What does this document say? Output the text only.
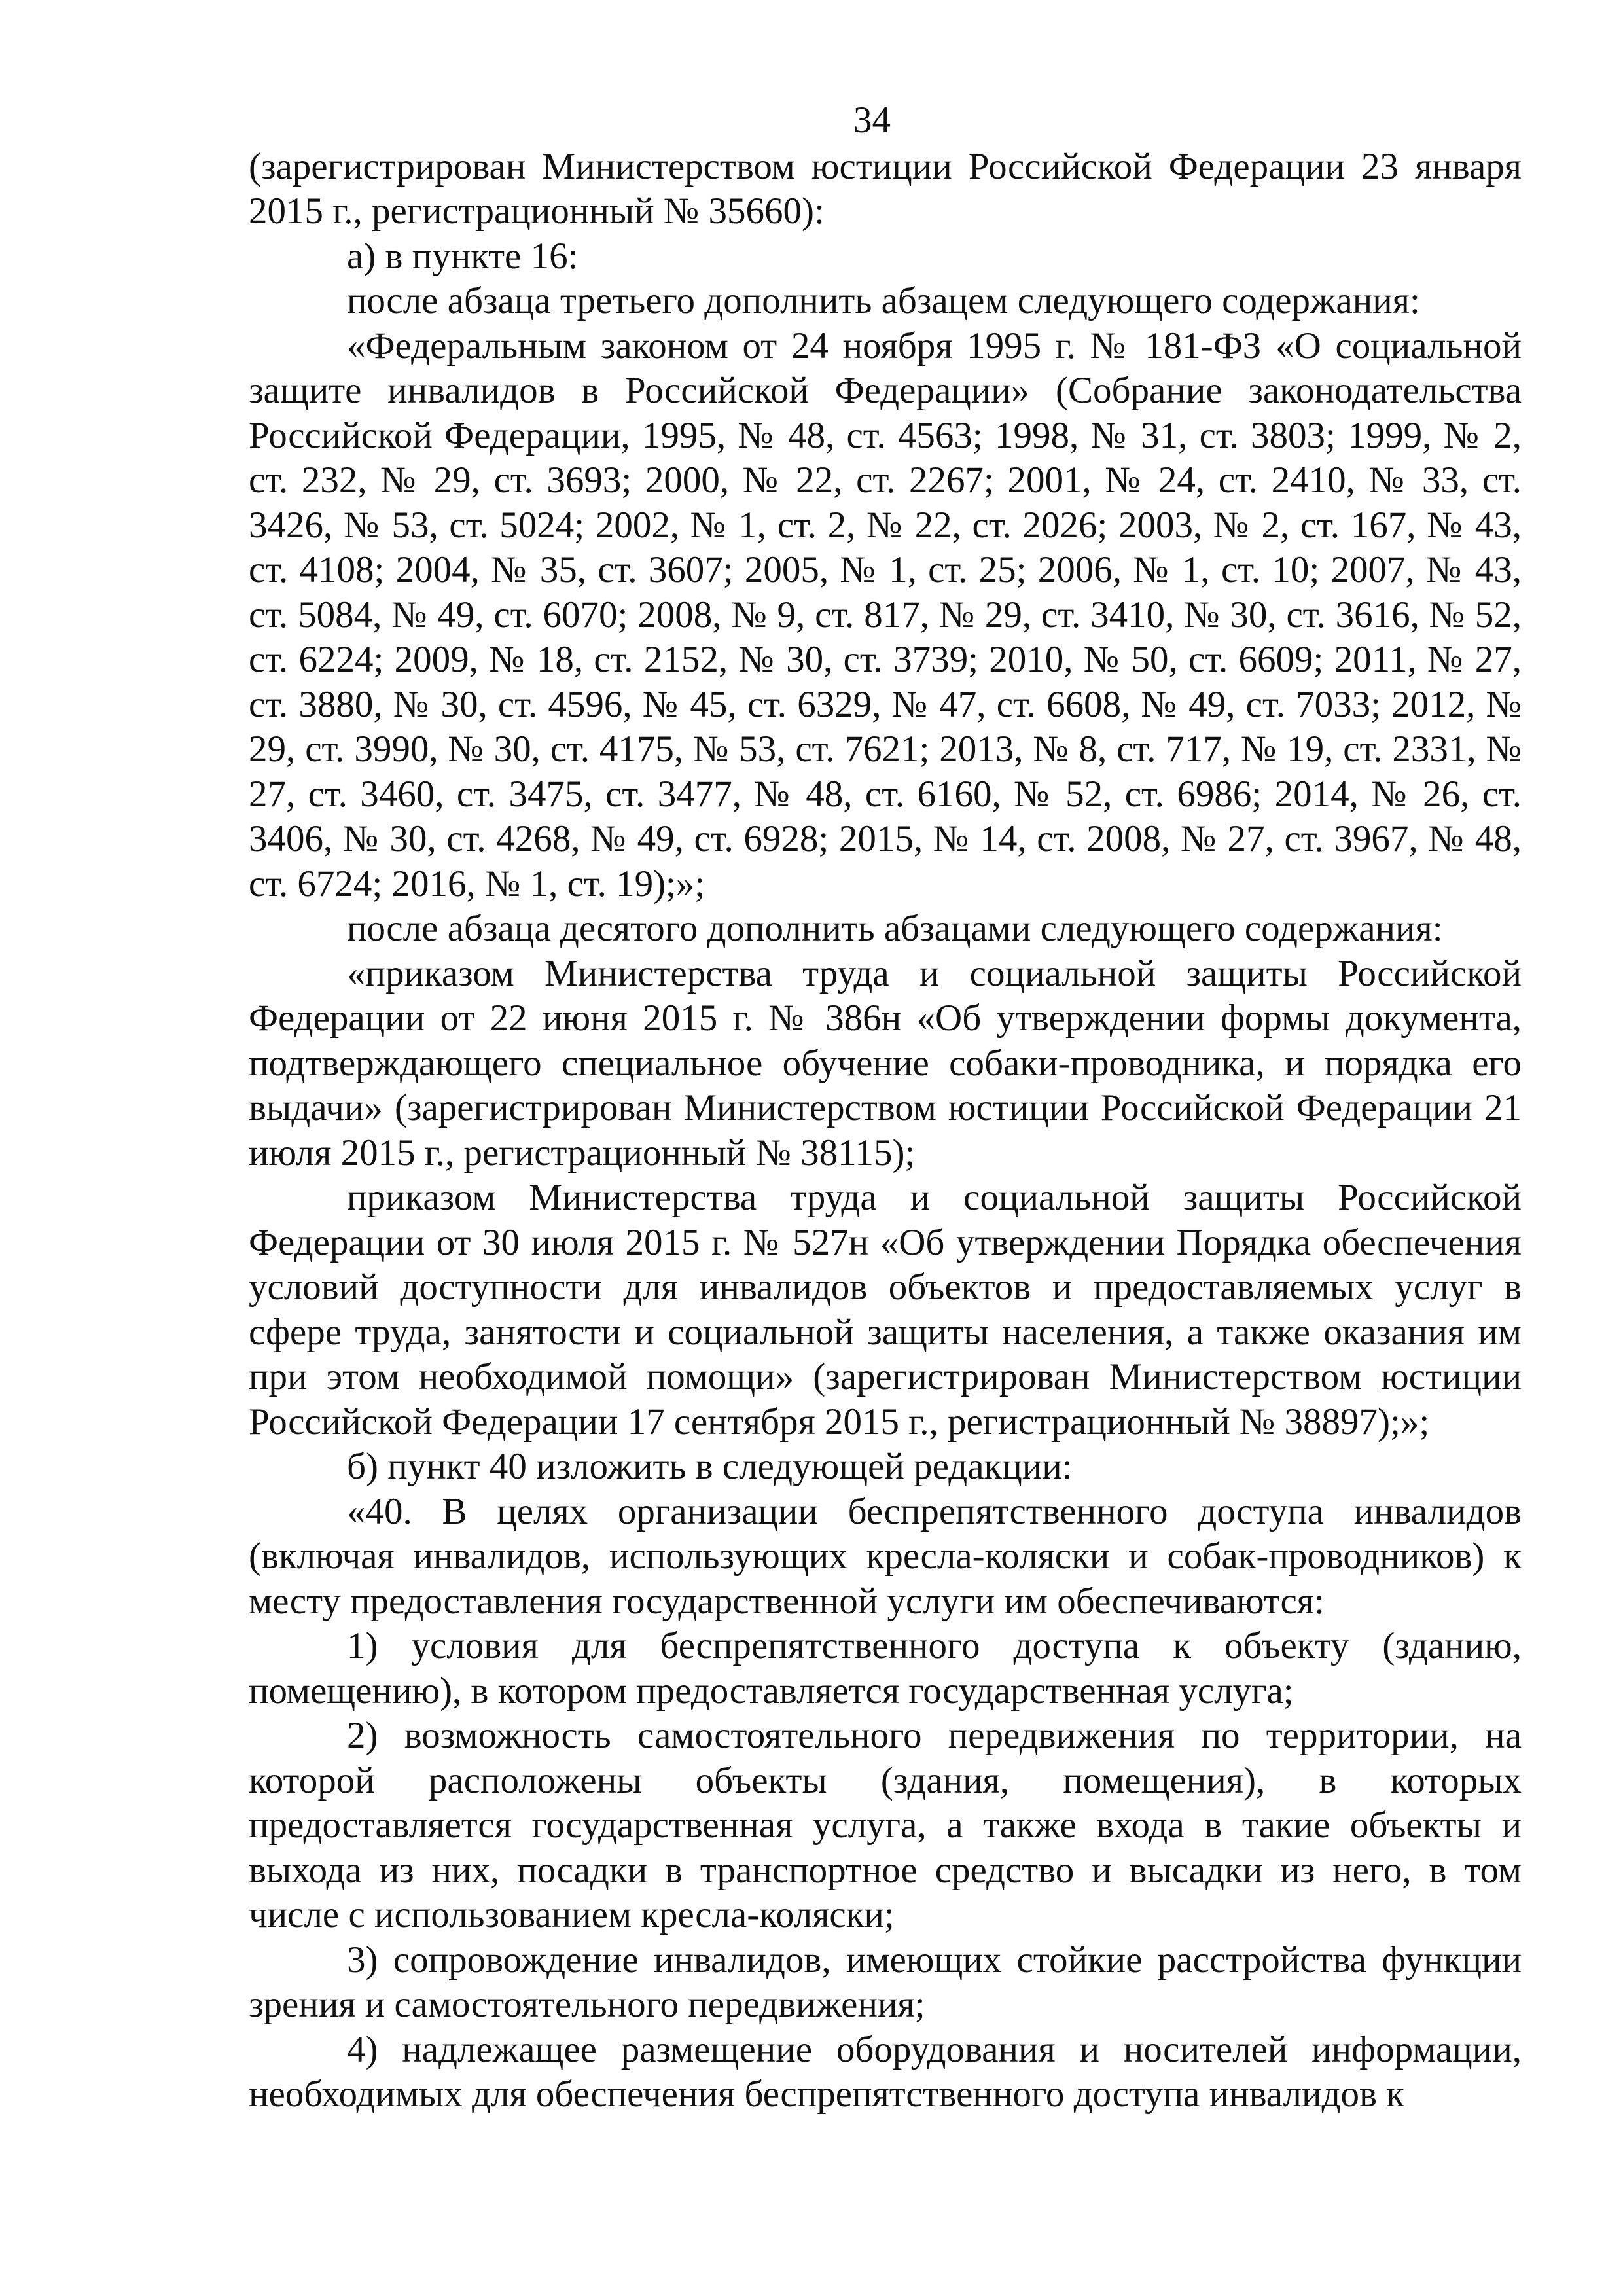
34

(зарегистрирован Министерством юстиции Российской Федерации 23 января 2015 г., регистрационный № 35660):

а) в пункте 16:

после абзаца третьего дополнить абзацем следующего содержания:

«Федеральным законом от 24 ноября 1995 г. № 181-ФЗ «О социальной защите инвалидов в Российской Федерации» (Собрание законодательства Российской Федерации, 1995, № 48, ст. 4563; 1998, № 31, ст. 3803; 1999, № 2, ст. 232, № 29, ст. 3693; 2000, № 22, ст. 2267; 2001, № 24, ст. 2410, № 33, ст. 3426, № 53, ст. 5024; 2002, № 1, ст. 2, № 22, ст. 2026; 2003, № 2, ст. 167, № 43, ст. 4108; 2004, № 35, ст. 3607; 2005, № 1, ст. 25; 2006, № 1, ст. 10; 2007, № 43, ст. 5084, № 49, ст. 6070; 2008, № 9, ст. 817, № 29, ст. 3410, № 30, ст. 3616, № 52, ст. 6224; 2009, № 18, ст. 2152, № 30, ст. 3739; 2010, № 50, ст. 6609; 2011, № 27, ст. 3880, № 30, ст. 4596, № 45, ст. 6329, № 47, ст. 6608, № 49, ст. 7033; 2012, № 29, ст. 3990, № 30, ст. 4175, № 53, ст. 7621; 2013, № 8, ст. 717, № 19, ст. 2331, № 27, ст. 3460, ст. 3475, ст. 3477, № 48, ст. 6160, № 52, ст. 6986; 2014, № 26, ст. 3406, № 30, ст. 4268, № 49, ст. 6928; 2015, № 14, ст. 2008, № 27, ст. 3967, № 48, ст. 6724; 2016, № 1, ст. 19);»;

после абзаца десятого дополнить абзацами следующего содержания:

«приказом Министерства труда и социальной защиты Российской Федерации от 22 июня 2015 г. № 386н «Об утверждении формы документа, подтверждающего специальное обучение собаки-проводника, и порядка его выдачи» (зарегистрирован Министерством юстиции Российской Федерации 21 июля 2015 г., регистрационный № 38115);

приказом Министерства труда и социальной защиты Российской Федерации от 30 июля 2015 г. № 527н «Об утверждении Порядка обеспечения условий доступности для инвалидов объектов и предоставляемых услуг в сфере труда, занятости и социальной защиты населения, а также оказания им при этом необходимой помощи» (зарегистрирован Министерством юстиции Российской Федерации 17 сентября 2015 г., регистрационный № 38897);»;

б) пункт 40 изложить в следующей редакции:

«40. В целях организации беспрепятственного доступа инвалидов (включая инвалидов, использующих кресла-коляски и собак-проводников) к месту предоставления государственной услуги им обеспечиваются:

1) условия для беспрепятственного доступа к объекту (зданию, помещению), в котором предоставляется государственная услуга;

2) возможность самостоятельного передвижения по территории, на которой расположены объекты (здания, помещения), в которых предоставляется государственная услуга, а также входа в такие объекты и выхода из них, посадки в транспортное средство и высадки из него, в том числе с использованием кресла-коляски;

3) сопровождение инвалидов, имеющих стойкие расстройства функции зрения и самостоятельного передвижения;

4) надлежащее размещение оборудования и носителей информации, необходимых для обеспечения беспрепятственного доступа инвалидов к
